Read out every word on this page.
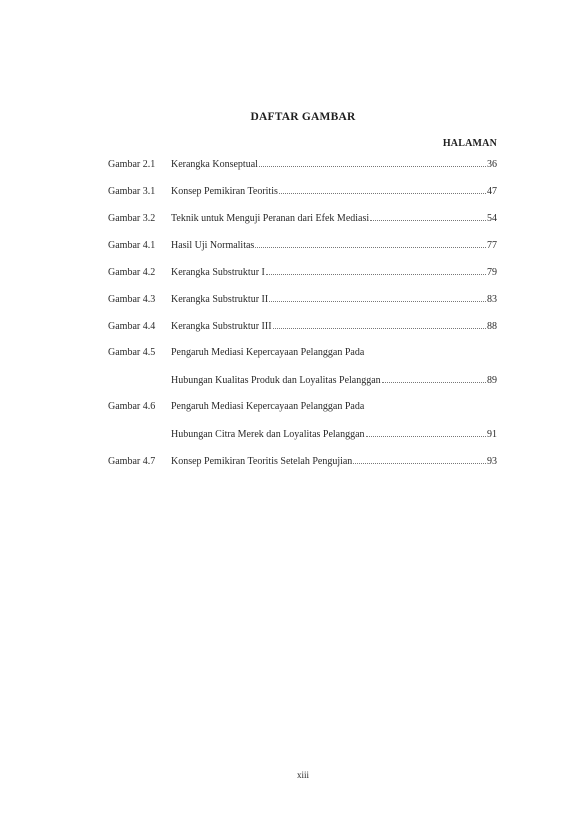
DAFTAR GAMBAR
HALAMAN
Gambar 2.1	Kerangka Konseptual	36
Gambar 3.1	Konsep Pemikiran Teoritis	47
Gambar 3.2	Teknik untuk Menguji Peranan dari Efek Mediasi	54
Gambar 4.1	Hasil Uji Normalitas	77
Gambar 4.2	Kerangka Substruktur I	79
Gambar 4.3	Kerangka Substruktur II	83
Gambar 4.4	Kerangka Substruktur III	88
Gambar 4.5	Pengaruh Mediasi Kepercayaan Pelanggan Pada
Hubungan Kualitas Produk dan Loyalitas Pelanggan	89
Gambar 4.6	Pengaruh Mediasi Kepercayaan Pelanggan Pada
Hubungan Citra Merek dan Loyalitas Pelanggan	91
Gambar 4.7	Konsep Pemikiran Teoritis Setelah Pengujian	93
xiii
